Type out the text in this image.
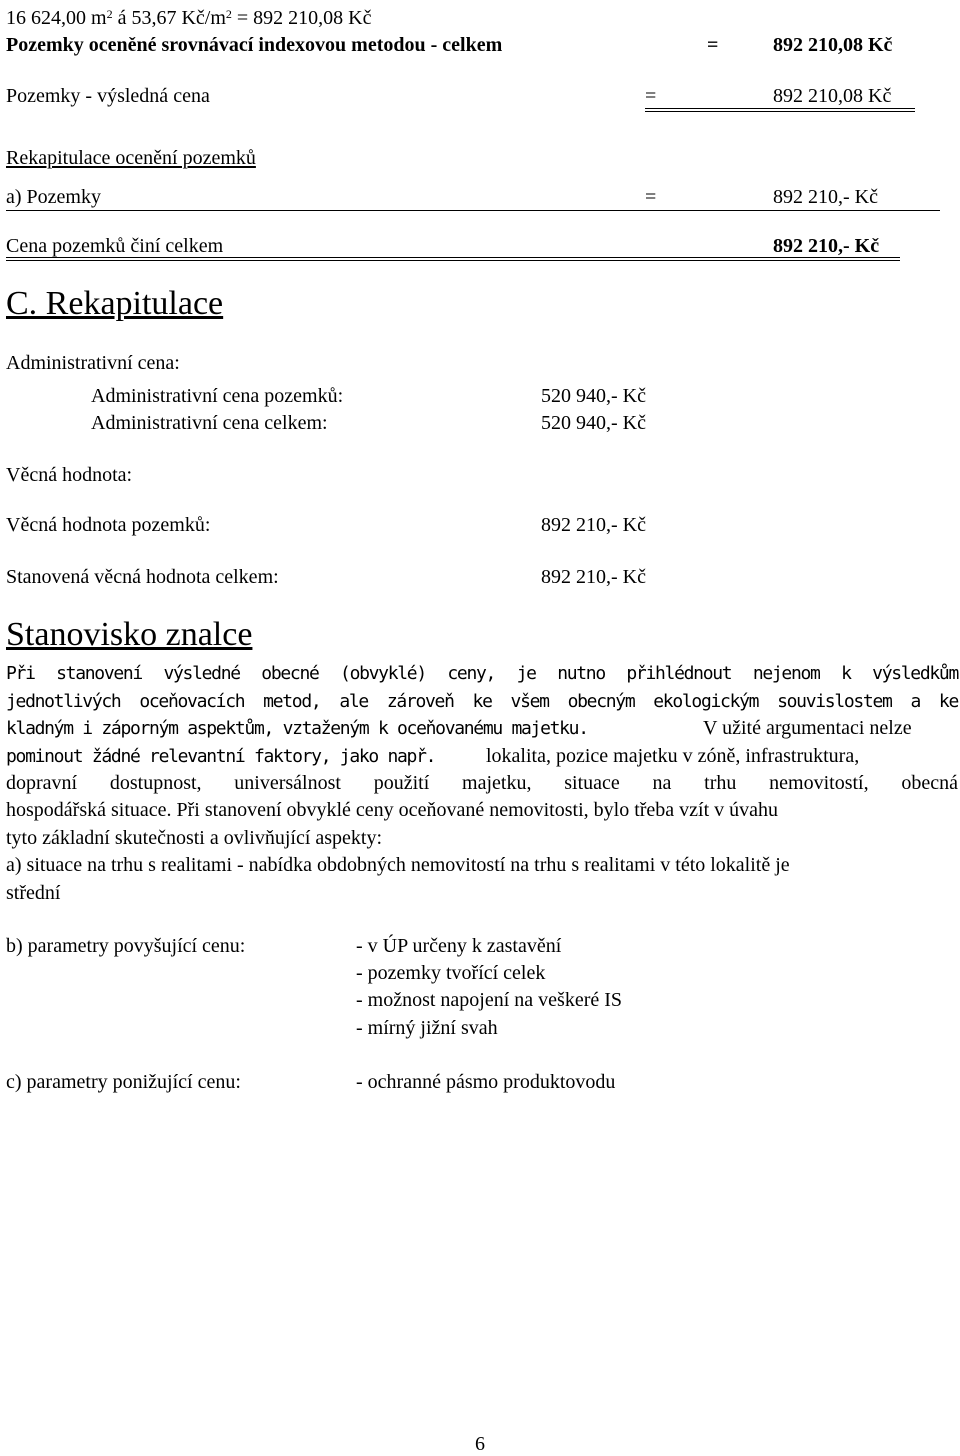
16 624,00 $m^2$ á 53,67 $Kč/m^2 = 892$ 210,08 Kč
Pozemky oceněné srovnávací indexovou metodou - celkem	=	892 210,08 Kč
Pozemky - výsledná cena	=	892 210,08 Kč
Rekapitulace ocenění pozemků
a) Pozemky	=	892 210,- Kč
Cena pozemků činí celkem	892 210,- Kč
C. Rekapitulace
Administrativní cena:
Administrativní cena pozemků:	520 940,- Kč
Administrativní cena celkem:	520 940,- Kč
Věcná hodnota:
Věcná hodnota pozemků:	892 210,- Kč
Stanovená věcná hodnota celkem:	892 210,- Kč
Stanovisko znalce
Při stanovení výsledné obecné (obvyklé) ceny, je nutno přihlédnout nejenom k výsledkům
jednotlivých oceňovacích metod, ale zároveň ke všem obecným ekologickým souvislostem a ke
kladným i záporným aspektům, vztaženým k oceňovanému majetku.	V užité argumentaci nelze
pominout žádné relevantní faktory, jako např.	lokalita, pozice majetku v zóně, infrastruktura,
dopravní dostupnost, universálnost použití majetku, situace na trhu nemovitostí, obecná
hospodářská situace. Při stanovení obvyklé ceny oceňované nemovitosti, bylo třeba vzít v úvahu
tyto základní skutečnosti a ovlivňující aspekty:
a) situace na trhu s realitami - nabídka obdobných nemovitostí na trhu s realitami v této lokalitě je
střední
b) parametry povyšující cenu:	- v ÚP určeny k zastavění
- pozemky tvořící celek
- možnost napojení na veškeré IS
- mírný jižní svah
c) parametry ponižující cenu:	- ochranné pásmo produktovodu
6
